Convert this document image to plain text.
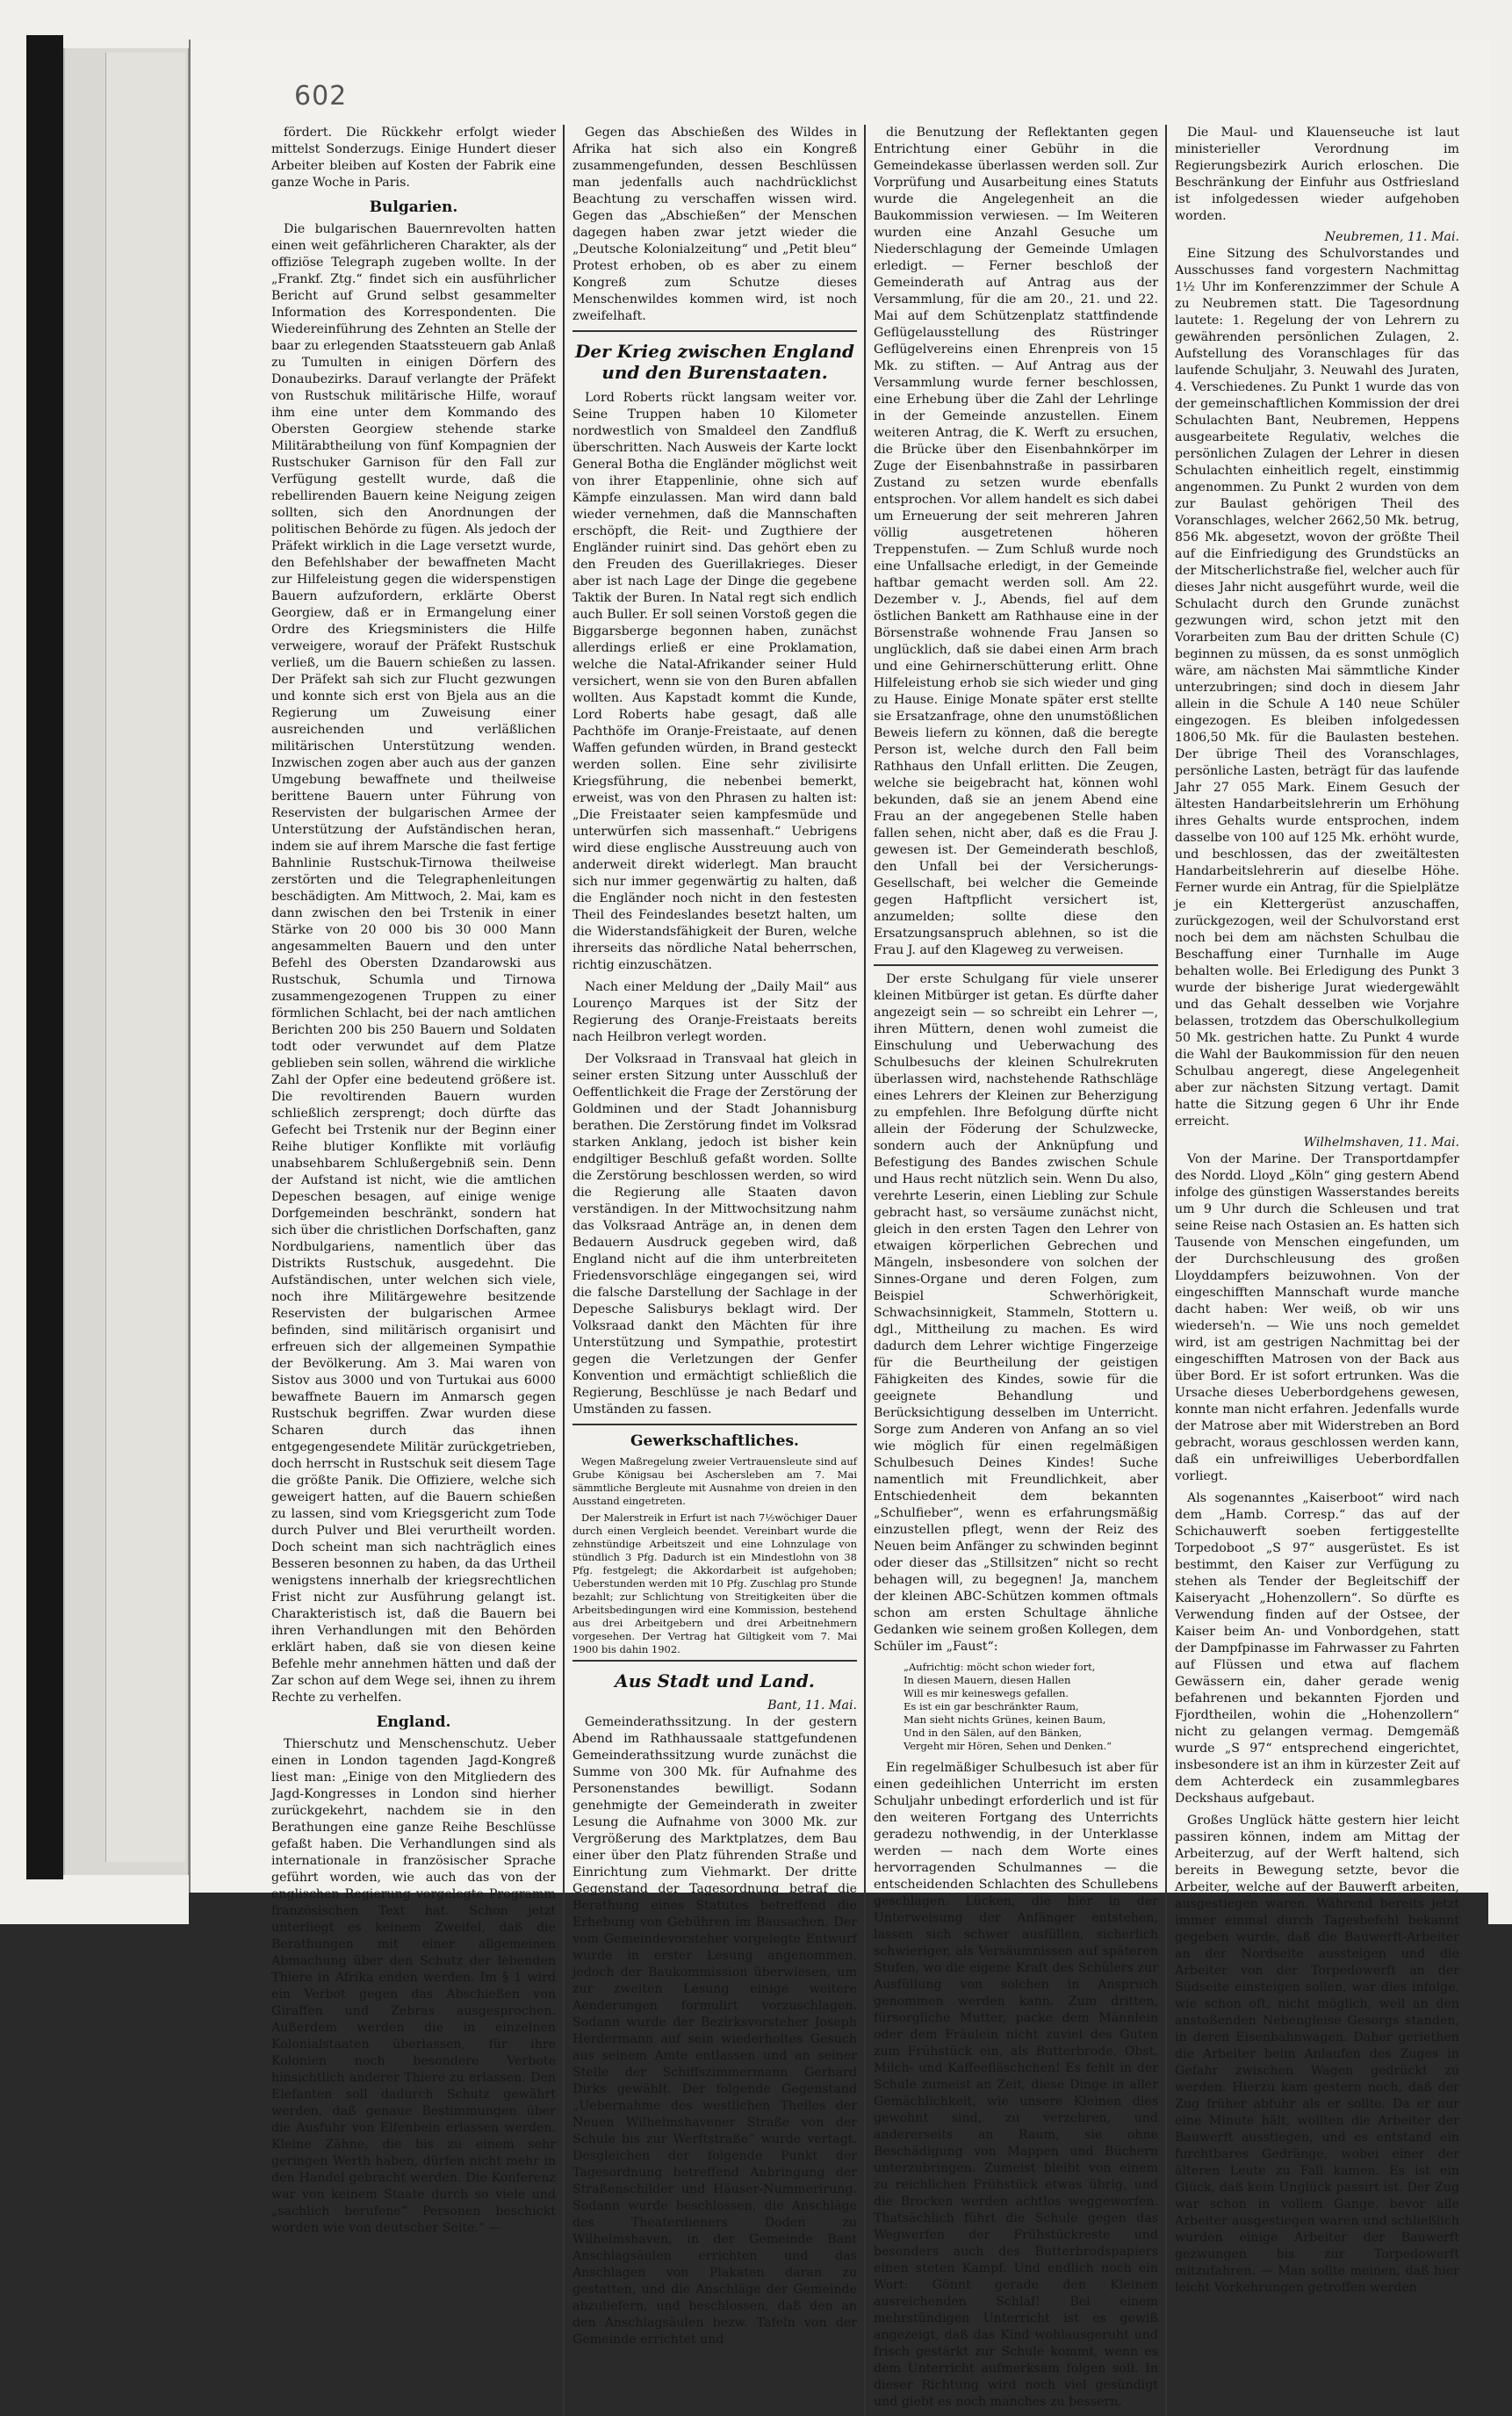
602

fördert. Die Rückkehr erfolgt wieder mittelst Sonderzugs. Einige Hundert dieser Arbeiter bleiben auf Kosten der Fabrik eine ganze Woche in Paris.

Bulgarien.

Die bulgarischen Bauernrevolten hatten einen weit gefährlicheren Charakter, als der offiziöse Telegraph zugeben wollte. In der „Frankf. Ztg.“ findet sich ein ausführlicher Bericht auf Grund selbst gesammelter Information des Korrespondenten. Die Wiedereinführung des Zehnten an Stelle der baar zu erlegenden Staatssteuern gab Anlaß zu Tumulten in einigen Dörfern des Donaubezirks. Darauf verlangte der Präfekt von Rustschuk militärische Hilfe, worauf ihm eine unter dem Kommando des Obersten Georgiew stehende starke Militärabtheilung von fünf Kompagnien der Rustschuker Garnison für den Fall zur Verfügung gestellt wurde, daß die rebellirenden Bauern keine Neigung zeigen sollten, sich den Anordnungen der politischen Behörde zu fügen. Als jedoch der Präfekt wirklich in die Lage versetzt wurde, den Befehlshaber der bewaffneten Macht zur Hilfeleistung gegen die widerspenstigen Bauern aufzufordern, erklärte Oberst Georgiew, daß er in Ermangelung einer Ordre des Kriegsministers die Hilfe verweigere, worauf der Präfekt Rustschuk verließ, um die Bauern schießen zu lassen. Der Präfekt sah sich zur Flucht gezwungen und konnte sich erst von Bjela aus an die Regierung um Zuweisung einer ausreichenden und verläßlichen militärischen Unterstützung wenden. Inzwischen zogen aber auch aus der ganzen Umgebung bewaffnete und theilweise berittene Bauern unter Führung von Reservisten der bulgarischen Armee der Unterstützung der Aufständischen heran, indem sie auf ihrem Marsche die fast fertige Bahnlinie Rustschuk-Tirnowa theilweise zerstörten und die Telegraphenleitungen beschädigten. Am Mittwoch, 2. Mai, kam es dann zwischen den bei Trstenik in einer Stärke von 20 000 bis 30 000 Mann angesammelten Bauern und den unter Befehl des Obersten Dzandarowski aus Rustschuk, Schumla und Tirnowa zusammengezogenen Truppen zu einer förmlichen Schlacht, bei der nach amtlichen Berichten 200 bis 250 Bauern und Soldaten todt oder verwundet auf dem Platze geblieben sein sollen, während die wirkliche Zahl der Opfer eine bedeutend größere ist. Die revoltirenden Bauern wurden schließlich zersprengt; doch dürfte das Gefecht bei Trstenik nur der Beginn einer Reihe blutiger Konflikte mit vorläufig unabsehbarem Schlußergebniß sein. Denn der Aufstand ist nicht, wie die amtlichen Depeschen besagen, auf einige wenige Dorfgemeinden beschränkt, sondern hat sich über die christlichen Dorfschaften, ganz Nordbulgariens, namentlich über das Distrikts Rustschuk, ausgedehnt. Die Aufständischen, unter welchen sich viele, noch ihre Militärgewehre besitzende Reservisten der bulgarischen Armee befinden, sind militärisch organisirt und erfreuen sich der allgemeinen Sympathie der Bevölkerung. Am 3. Mai waren von Sistov aus 3000 und von Turtukai aus 6000 bewaffnete Bauern im Anmarsch gegen Rustschuk begriffen. Zwar wurden diese Scharen durch das ihnen entgegengesendete Militär zurückgetrieben, doch herrscht in Rustschuk seit diesem Tage die größte Panik. Die Offiziere, welche sich geweigert hatten, auf die Bauern schießen zu lassen, sind vom Kriegsgericht zum Tode durch Pulver und Blei verurtheilt worden. Doch scheint man sich nachträglich eines Besseren besonnen zu haben, da das Urtheil wenigstens innerhalb der kriegsrechtlichen Frist nicht zur Ausführung gelangt ist. Charakteristisch ist, daß die Bauern bei ihren Verhandlungen mit den Behörden erklärt haben, daß sie von diesen keine Befehle mehr annehmen hätten und daß der Zar schon auf dem Wege sei, ihnen zu ihrem Rechte zu verhelfen.

England.

Thierschutz und Menschenschutz. Ueber einen in London tagenden Jagd-Kongreß liest man: „Einige von den Mitgliedern des Jagd-Kongresses in London sind hierher zurückgekehrt, nachdem sie in den Berathungen eine ganze Reihe Beschlüsse gefaßt haben. Die Verhandlungen sind als internationale in französischer Sprache geführt worden, wie auch das von der englischen Regierung vorgelegte Programm französischen Text hat. Schon jetzt unterliegt es keinem Zweifel, daß die Berathungen mit einer allgemeinen Abmachung über den Schutz der lebenden Thiere in Afrika enden werden. Im § 1 wird ein Verbot gegen das Abschießen von Giraffen und Zebras ausgesprochen. Außerdem werden die in einzelnen Kolonialstaaten überlassen, für ihre Kolonien noch besondere Verbote hinsichtlich anderer Thiere zu erlassen. Den Elefanten soll dadurch Schutz gewährt werden, daß genaue Bestimmungen über die Ausfuhr von Elfenbein erlassen werden. Kleine Zähne, die bis zu einem sehr geringen Werth haben, dürfen nicht mehr in den Handel gebracht werden. Die Konferenz war von keinem Staate durch so viele und „sachlich berufene“ Personen beschickt worden wie von deutscher Seite.“ —

Gegen das Abschießen des Wildes in Afrika hat sich also ein Kongreß zusammengefunden, dessen Beschlüssen man jedenfalls auch nachdrücklichst Beachtung zu verschaffen wissen wird. Gegen das „Abschießen“ der Menschen dagegen haben zwar jetzt wieder die „Deutsche Kolonialzeitung“ und „Petit bleu“ Protest erhoben, ob es aber zu einem Kongreß zum Schutze dieses Menschenwildes kommen wird, ist noch zweifelhaft.

Der Krieg zwischen England und den Burenstaaten.

Lord Roberts rückt langsam weiter vor. Seine Truppen haben 10 Kilometer nordwestlich von Smaldeel den Zandfluß überschritten. Nach Ausweis der Karte lockt General Botha die Engländer möglichst weit von ihrer Etappenlinie, ohne sich auf Kämpfe einzulassen. Man wird dann bald wieder vernehmen, daß die Mannschaften erschöpft, die Reit- und Zugthiere der Engländer ruinirt sind. Das gehört eben zu den Freuden des Guerillakrieges. Dieser aber ist nach Lage der Dinge die gegebene Taktik der Buren. In Natal regt sich endlich auch Buller. Er soll seinen Vorstoß gegen die Biggarsberge begonnen haben, zunächst allerdings erließ er eine Proklamation, welche die Natal-Afrikander seiner Huld versichert, wenn sie von den Buren abfallen wollten. Aus Kapstadt kommt die Kunde, Lord Roberts habe gesagt, daß alle Pachthöfe im Oranje-Freistaate, auf denen Waffen gefunden würden, in Brand gesteckt werden sollen. Eine sehr zivilisirte Kriegsführung, die nebenbei bemerkt, erweist, was von den Phrasen zu halten ist: „Die Freistaater seien kampfesmüde und unterwürfen sich massenhaft.“ Uebrigens wird diese englische Ausstreuung auch von anderweit direkt widerlegt. Man braucht sich nur immer gegenwärtig zu halten, daß die Engländer noch nicht in den festesten Theil des Feindeslandes besetzt halten, um die Widerstandsfähigkeit der Buren, welche ihrerseits das nördliche Natal beherrschen, richtig einzuschätzen.

Nach einer Meldung der „Daily Mail“ aus Lourenço Marques ist der Sitz der Regierung des Oranje-Freistaats bereits nach Heilbron verlegt worden.

Der Volksraad in Transvaal hat gleich in seiner ersten Sitzung unter Ausschluß der Oeffentlichkeit die Frage der Zerstörung der Goldminen und der Stadt Johannisburg berathen. Die Zerstörung findet im Volksrad starken Anklang, jedoch ist bisher kein endgiltiger Beschluß gefaßt worden. Sollte die Zerstörung beschlossen werden, so wird die Regierung alle Staaten davon verständigen. In der Mittwochsitzung nahm das Volksraad Anträge an, in denen dem Bedauern Ausdruck gegeben wird, daß England nicht auf die ihm unterbreiteten Friedensvorschläge eingegangen sei, wird die falsche Darstellung der Sachlage in der Depesche Salisburys beklagt wird. Der Volksraad dankt den Mächten für ihre Unterstützung und Sympathie, protestirt gegen die Verletzungen der Genfer Konvention und ermächtigt schließlich die Regierung, Beschlüsse je nach Bedarf und Umständen zu fassen.

Gewerkschaftliches.

Wegen Maßregelung zweier Vertrauensleute sind auf Grube Königsau bei Aschersleben am 7. Mai sämmtliche Bergleute mit Ausnahme von dreien in den Ausstand eingetreten.

Der Malerstreik in Erfurt ist nach 7½wöchiger Dauer durch einen Vergleich beendet. Vereinbart wurde die zehnstündige Arbeitszeit und eine Lohnzulage von stündlich 3 Pfg. Dadurch ist ein Mindestlohn von 38 Pfg. festgelegt; die Akkordarbeit ist aufgehoben; Ueberstunden werden mit 10 Pfg. Zuschlag pro Stunde bezahlt; zur Schlichtung von Streitigkeiten über die Arbeitsbedingungen wird eine Kommission, bestehend aus drei Arbeitgebern und drei Arbeitnehmern vorgesehen. Der Vertrag hat Giltigkeit vom 7. Mai 1900 bis dahin 1902.

Aus Stadt und Land.
Bant, 11. Mai.

Gemeinderathssitzung. In der gestern Abend im Rathhaussaale stattgefundenen Gemeinderathssitzung wurde zunächst die Summe von 300 Mk. für Aufnahme des Personenstandes bewilligt. Sodann genehmigte der Gemeinderath in zweiter Lesung die Aufnahme von 3000 Mk. zur Vergrößerung des Marktplatzes, dem Bau einer über den Platz führenden Straße und Einrichtung zum Viehmarkt. Der dritte Gegenstand der Tagesordnung betraf die Berathung eines Statutes betreffend die Erhebung von Gebühren im Bausachen. Der vom Gemeindevorsteher vorgelegte Entwurf wurde in erster Lesung angenommen, jedoch der Baukommission überwiesen, um zur zweiten Lesung einige weitere Aenderungen formulirt vorzuschlagen. Sodann wurde der Bezirksvorsteher Joseph Herdermann auf sein wiederholtes Gesuch aus seinem Amte entlassen und an seiner Stelle der Schiffszimmermann Gerhard Dirks gewählt. Der folgende Gegenstand „Uebernahme des westlichen Theiles der Neuen Wilhelmshavener Straße von der Schule bis zur Werftstraße“ wurde vertagt. Desgleichen der folgende Punkt der Tagesordnung betreffend Anbringung der Straßenschilder und Häuser-Nummerirung. Sodann wurde beschlossen, die Anschläge des Theaterdieners Doden zu Wilhelmshaven, in der Gemeinde Bant Anschlagsäulen errichten und das Anschlagen von Plakaten daran zu gestatten, und die Anschläge der Gemeinde abzuliefern, und beschlossen, daß den an den Anschlagsäulen bezw. Tafeln von der Gemeinde errichtet und

die Benutzung der Reflektanten gegen Entrichtung einer Gebühr in die Gemeindekasse überlassen werden soll. Zur Vorprüfung und Ausarbeitung eines Statuts wurde die Angelegenheit an die Baukommission verwiesen. — Im Weiteren wurden eine Anzahl Gesuche um Niederschlagung der Gemeinde Umlagen erledigt. — Ferner beschloß der Gemeinderath auf Antrag aus der Versammlung, für die am 20., 21. und 22. Mai auf dem Schützenplatz stattfindende Geflügelausstellung des Rüstringer Geflügelvereins einen Ehrenpreis von 15 Mk. zu stiften. — Auf Antrag aus der Versammlung wurde ferner beschlossen, eine Erhebung über die Zahl der Lehrlinge in der Gemeinde anzustellen. Einem weiteren Antrag, die K. Werft zu ersuchen, die Brücke über den Eisenbahnkörper im Zuge der Eisenbahnstraße in passirbaren Zustand zu setzen wurde ebenfalls entsprochen. Vor allem handelt es sich dabei um Erneuerung der seit mehreren Jahren völlig ausgetretenen höheren Treppenstufen. — Zum Schluß wurde noch eine Unfallsache erledigt, in der Gemeinde haftbar gemacht werden soll. Am 22. Dezember v. J., Abends, fiel auf dem östlichen Bankett am Rathhause eine in der Börsenstraße wohnende Frau Jansen so unglücklich, daß sie dabei einen Arm brach und eine Gehirnerschütterung erlitt. Ohne Hilfeleistung erhob sie sich wieder und ging zu Hause. Einige Monate später erst stellte sie Ersatzanfrage, ohne den unumstößlichen Beweis liefern zu können, daß die beregte Person ist, welche durch den Fall beim Rathhaus den Unfall erlitten. Die Zeugen, welche sie beigebracht hat, können wohl bekunden, daß sie an jenem Abend eine Frau an der angegebenen Stelle haben fallen sehen, nicht aber, daß es die Frau J. gewesen ist. Der Gemeinderath beschloß, den Unfall bei der Versicherungs-Gesellschaft, bei welcher die Gemeinde gegen Haftpflicht versichert ist, anzumelden; sollte diese den Ersatzungsanspruch ablehnen, so ist die Frau J. auf den Klageweg zu verweisen.

Der erste Schulgang für viele unserer kleinen Mitbürger ist getan. Es dürfte daher angezeigt sein — so schreibt ein Lehrer —, ihren Müttern, denen wohl zumeist die Einschulung und Ueberwachung des Schulbesuchs der kleinen Schulrekruten überlassen wird, nachstehende Rathschläge eines Lehrers der Kleinen zur Beherzigung zu empfehlen. Ihre Befolgung dürfte nicht allein der Föderung der Schulzwecke, sondern auch der Anknüpfung und Befestigung des Bandes zwischen Schule und Haus recht nützlich sein. Wenn Du also, verehrte Leserin, einen Liebling zur Schule gebracht hast, so versäume zunächst nicht, gleich in den ersten Tagen den Lehrer von etwaigen körperlichen Gebrechen und Mängeln, insbesondere von solchen der Sinnes-Organe und deren Folgen, zum Beispiel Schwerhörigkeit, Schwachsinnigkeit, Stammeln, Stottern u. dgl., Mittheilung zu machen. Es wird dadurch dem Lehrer wichtige Fingerzeige für die Beurtheilung der geistigen Fähigkeiten des Kindes, sowie für die geeignete Behandlung und Berücksichtigung desselben im Unterricht. Sorge zum Anderen von Anfang an so viel wie möglich für einen regelmäßigen Schulbesuch Deines Kindes! Suche namentlich mit Freundlichkeit, aber Entschiedenheit dem bekannten „Schulfieber“, wenn es erfahrungsmäßig einzustellen pflegt, wenn der Reiz des Neuen beim Anfänger zu schwinden beginnt oder dieser das „Stillsitzen“ nicht so recht behagen will, zu begegnen! Ja, manchem der kleinen ABC-Schützen kommen oftmals schon am ersten Schultage ähnliche Gedanken wie seinem großen Kollegen, dem Schüler im „Faust“:

„Aufrichtig: möcht schon wieder fort,
In diesen Mauern, diesen Hallen
Will es mir keineswegs gefallen.
Es ist ein gar beschränkter Raum,
Man sieht nichts Grünes, keinen Baum,
Und in den Sälen, auf den Bänken,
Vergeht mir Hören, Sehen und Denken.“

Ein regelmäßiger Schulbesuch ist aber für einen gedeihlichen Unterricht im ersten Schuljahr unbedingt erforderlich und ist für den weiteren Fortgang des Unterrichts geradezu nothwendig, in der Unterklasse werden — nach dem Worte eines hervorragenden Schulmannes — die entscheidenden Schlachten des Schullebens geschlagen. Lücken, die hier in der Unterweisung der Anfänger entstehen, lassen sich schwer ausfüllen, sicherlich schwieriger, als Versäumnissen auf späteren Stufen, wo die eigene Kraft des Schülers zur Ausfüllung von solchen in Anspruch genommen werden kann. Zum dritten, fürsorgliche Mutter, packe dem Männlein oder dem Fräulein nicht zuviel des Guten zum Frühstück ein, als Butterbrode, Obst, Milch- und Kaffeefläschchen! Es fehlt in der Schule zumeist an Zeit, diese Dinge in aller Gemächlichkeit, wie unsere Kleinen dies gewohnt sind, zu verzehren, und andererseits an Raum, sie ohne Beschädigung von Mappen und Büchern unterzubringen. Zumeist bleibt von einem zu reichlichen Frühstück etwas übrig, und die Brocken werden achtlos weggeworfen. Thatsächlich führt die Schule gegen das Wegwerfen der Frühstückreste und besonders auch des Butterbrodspapiers einen steten Kampf. Und endlich noch ein Wort: Gönnt gerade den Kleinen ausreichenden Schlaf! Bei einem mehrstündigen Unterricht ist es gewiß angezeigt, daß das Kind wohlausgeruht und frisch gestärkt zur Schule kommt, wenn es dem Unterricht aufmerksam folgen soll. In dieser Richtung wird noch viel gesündigt und giebt es noch manches zu bessern.

Die Maul- und Klauenseuche ist laut ministerieller Verordnung im Regierungsbezirk Aurich erloschen. Die Beschränkung der Einfuhr aus Ostfriesland ist infolgedessen wieder aufgehoben worden.

Neubremen, 11. Mai.

Eine Sitzung des Schulvorstandes und Ausschusses fand vorgestern Nachmittag 1½ Uhr im Konferenzzimmer der Schule A zu Neubremen statt. Die Tagesordnung lautete: 1. Regelung der von Lehrern zu gewährenden persönlichen Zulagen, 2. Aufstellung des Voranschlages für das laufende Schuljahr, 3. Neuwahl des Juraten, 4. Verschiedenes. Zu Punkt 1 wurde das von der gemeinschaftlichen Kommission der drei Schulachten Bant, Neubremen, Heppens ausgearbeitete Regulativ, welches die persönlichen Zulagen der Lehrer in diesen Schulachten einheitlich regelt, einstimmig angenommen. Zu Punkt 2 wurden von dem zur Baulast gehörigen Theil des Voranschlages, welcher 2662,50 Mk. betrug, 856 Mk. abgesetzt, wovon der größte Theil auf die Einfriedigung des Grundstücks an der Mitscherlichstraße fiel, welcher auch für dieses Jahr nicht ausgeführt wurde, weil die Schulacht durch den Grunde zunächst gezwungen wird, schon jetzt mit den Vorarbeiten zum Bau der dritten Schule (C) beginnen zu müssen, da es sonst unmöglich wäre, am nächsten Mai sämmtliche Kinder unterzubringen; sind doch in diesem Jahr allein in die Schule A 140 neue Schüler eingezogen. Es bleiben infolgedessen 1806,50 Mk. für die Baulasten bestehen. Der übrige Theil des Voranschlages, persönliche Lasten, beträgt für das laufende Jahr 27 055 Mark. Einem Gesuch der ältesten Handarbeitslehrerin um Erhöhung ihres Gehalts wurde entsprochen, indem dasselbe von 100 auf 125 Mk. erhöht wurde, und beschlossen, das der zweitältesten Handarbeitslehrerin auf dieselbe Höhe. Ferner wurde ein Antrag, für die Spielplätze je ein Klettergerüst anzuschaffen, zurückgezogen, weil der Schulvorstand erst noch bei dem am nächsten Schulbau die Beschaffung einer Turnhalle im Auge behalten wolle. Bei Erledigung des Punkt 3 wurde der bisherige Jurat wiedergewählt und das Gehalt desselben wie Vorjahre belassen, trotzdem das Oberschulkollegium 50 Mk. gestrichen hatte. Zu Punkt 4 wurde die Wahl der Baukommission für den neuen Schulbau angeregt, diese Angelegenheit aber zur nächsten Sitzung vertagt. Damit hatte die Sitzung gegen 6 Uhr ihr Ende erreicht.

Wilhelmshaven, 11. Mai.

Von der Marine. Der Transportdampfer des Nordd. Lloyd „Köln“ ging gestern Abend infolge des günstigen Wasserstandes bereits um 9 Uhr durch die Schleusen und trat seine Reise nach Ostasien an. Es hatten sich Tausende von Menschen eingefunden, um der Durchschleusung des großen Lloyddampfers beizuwohnen. Von der eingeschifften Mannschaft wurde manche dacht haben: Wer weiß, ob wir uns wiederseh'n. — Wie uns noch gemeldet wird, ist am gestrigen Nachmittag bei der eingeschifften Matrosen von der Back aus über Bord. Er ist sofort ertrunken. Was die Ursache dieses Ueberbordgehens gewesen, konnte man nicht erfahren. Jedenfalls wurde der Matrose aber mit Widerstreben an Bord gebracht, woraus geschlossen werden kann, daß ein unfreiwilliges Ueberbordfallen vorliegt.

Als sogenanntes „Kaiserboot“ wird nach dem „Hamb. Corresp.“ das auf der Schichauwerft soeben fertiggestellte Torpedoboot „S 97“ ausgerüstet. Es ist bestimmt, den Kaiser zur Verfügung zu stehen als Tender der Begleitschiff der Kaiseryacht „Hohenzollern“. So dürfte es Verwendung finden auf der Ostsee, der Kaiser beim An- und Vonbordgehen, statt der Dampfpinasse im Fahrwasser zu Fahrten auf Flüssen und etwa auf flachem Gewässern ein, daher gerade wenig befahrenen und bekannten Fjorden und Fjordtheilen, wohin die „Hohenzollern“ nicht zu gelangen vermag. Demgemäß wurde „S 97“ entsprechend eingerichtet, insbesondere ist an ihm in kürzester Zeit auf dem Achterdeck ein zusammlegbares Deckshaus aufgebaut.

Großes Unglück hätte gestern hier leicht passiren können, indem am Mittag der Arbeiterzug, auf der Werft haltend, sich bereits in Bewegung setzte, bevor die Arbeiter, welche auf der Bauwerft arbeiten, ausgestiegen waren. Während bereits jetzt immer einmal durch Tagesbefehl bekannt gegeben wurde, daß die Bauwerft-Arbeiter an der Nordseite aussteigen und die Arbeiter von der Torpedowerft an der Südseite einsteigen sollen, war dies infolge, wie schon oft, nicht möglich, weil an den anstoßenden Nebengleise Gesorgs standen, in deren Eisenbahnwagen. Daher geriethen die Arbeiter beim Anlaufen des Zuges in Gefahr zwischen Wagen gedrückt zu werden. Hierzu kam gestern noch, daß der Zug früher abfuhr als er sollte. Da er nur eine Minute hält, wollten die Arbeiter der Bauwerft ausstiegen, und es entstand ein furchtbares Gedränge, wobei einer der älteren Leute zu Fall kamen. Es ist ein Glück, daß kein Unglück passirt ist. Der Zug war schon in vollem Gange, bevor alle Arbeiter ausgestiegen waren und schließlich wurden einige Arbeiter der Bauwerft gezwungen bis zur Torpedowerft mitzufahren. — Man sollte meinen, daß hier leicht Vorkehrungen getroffen werden
